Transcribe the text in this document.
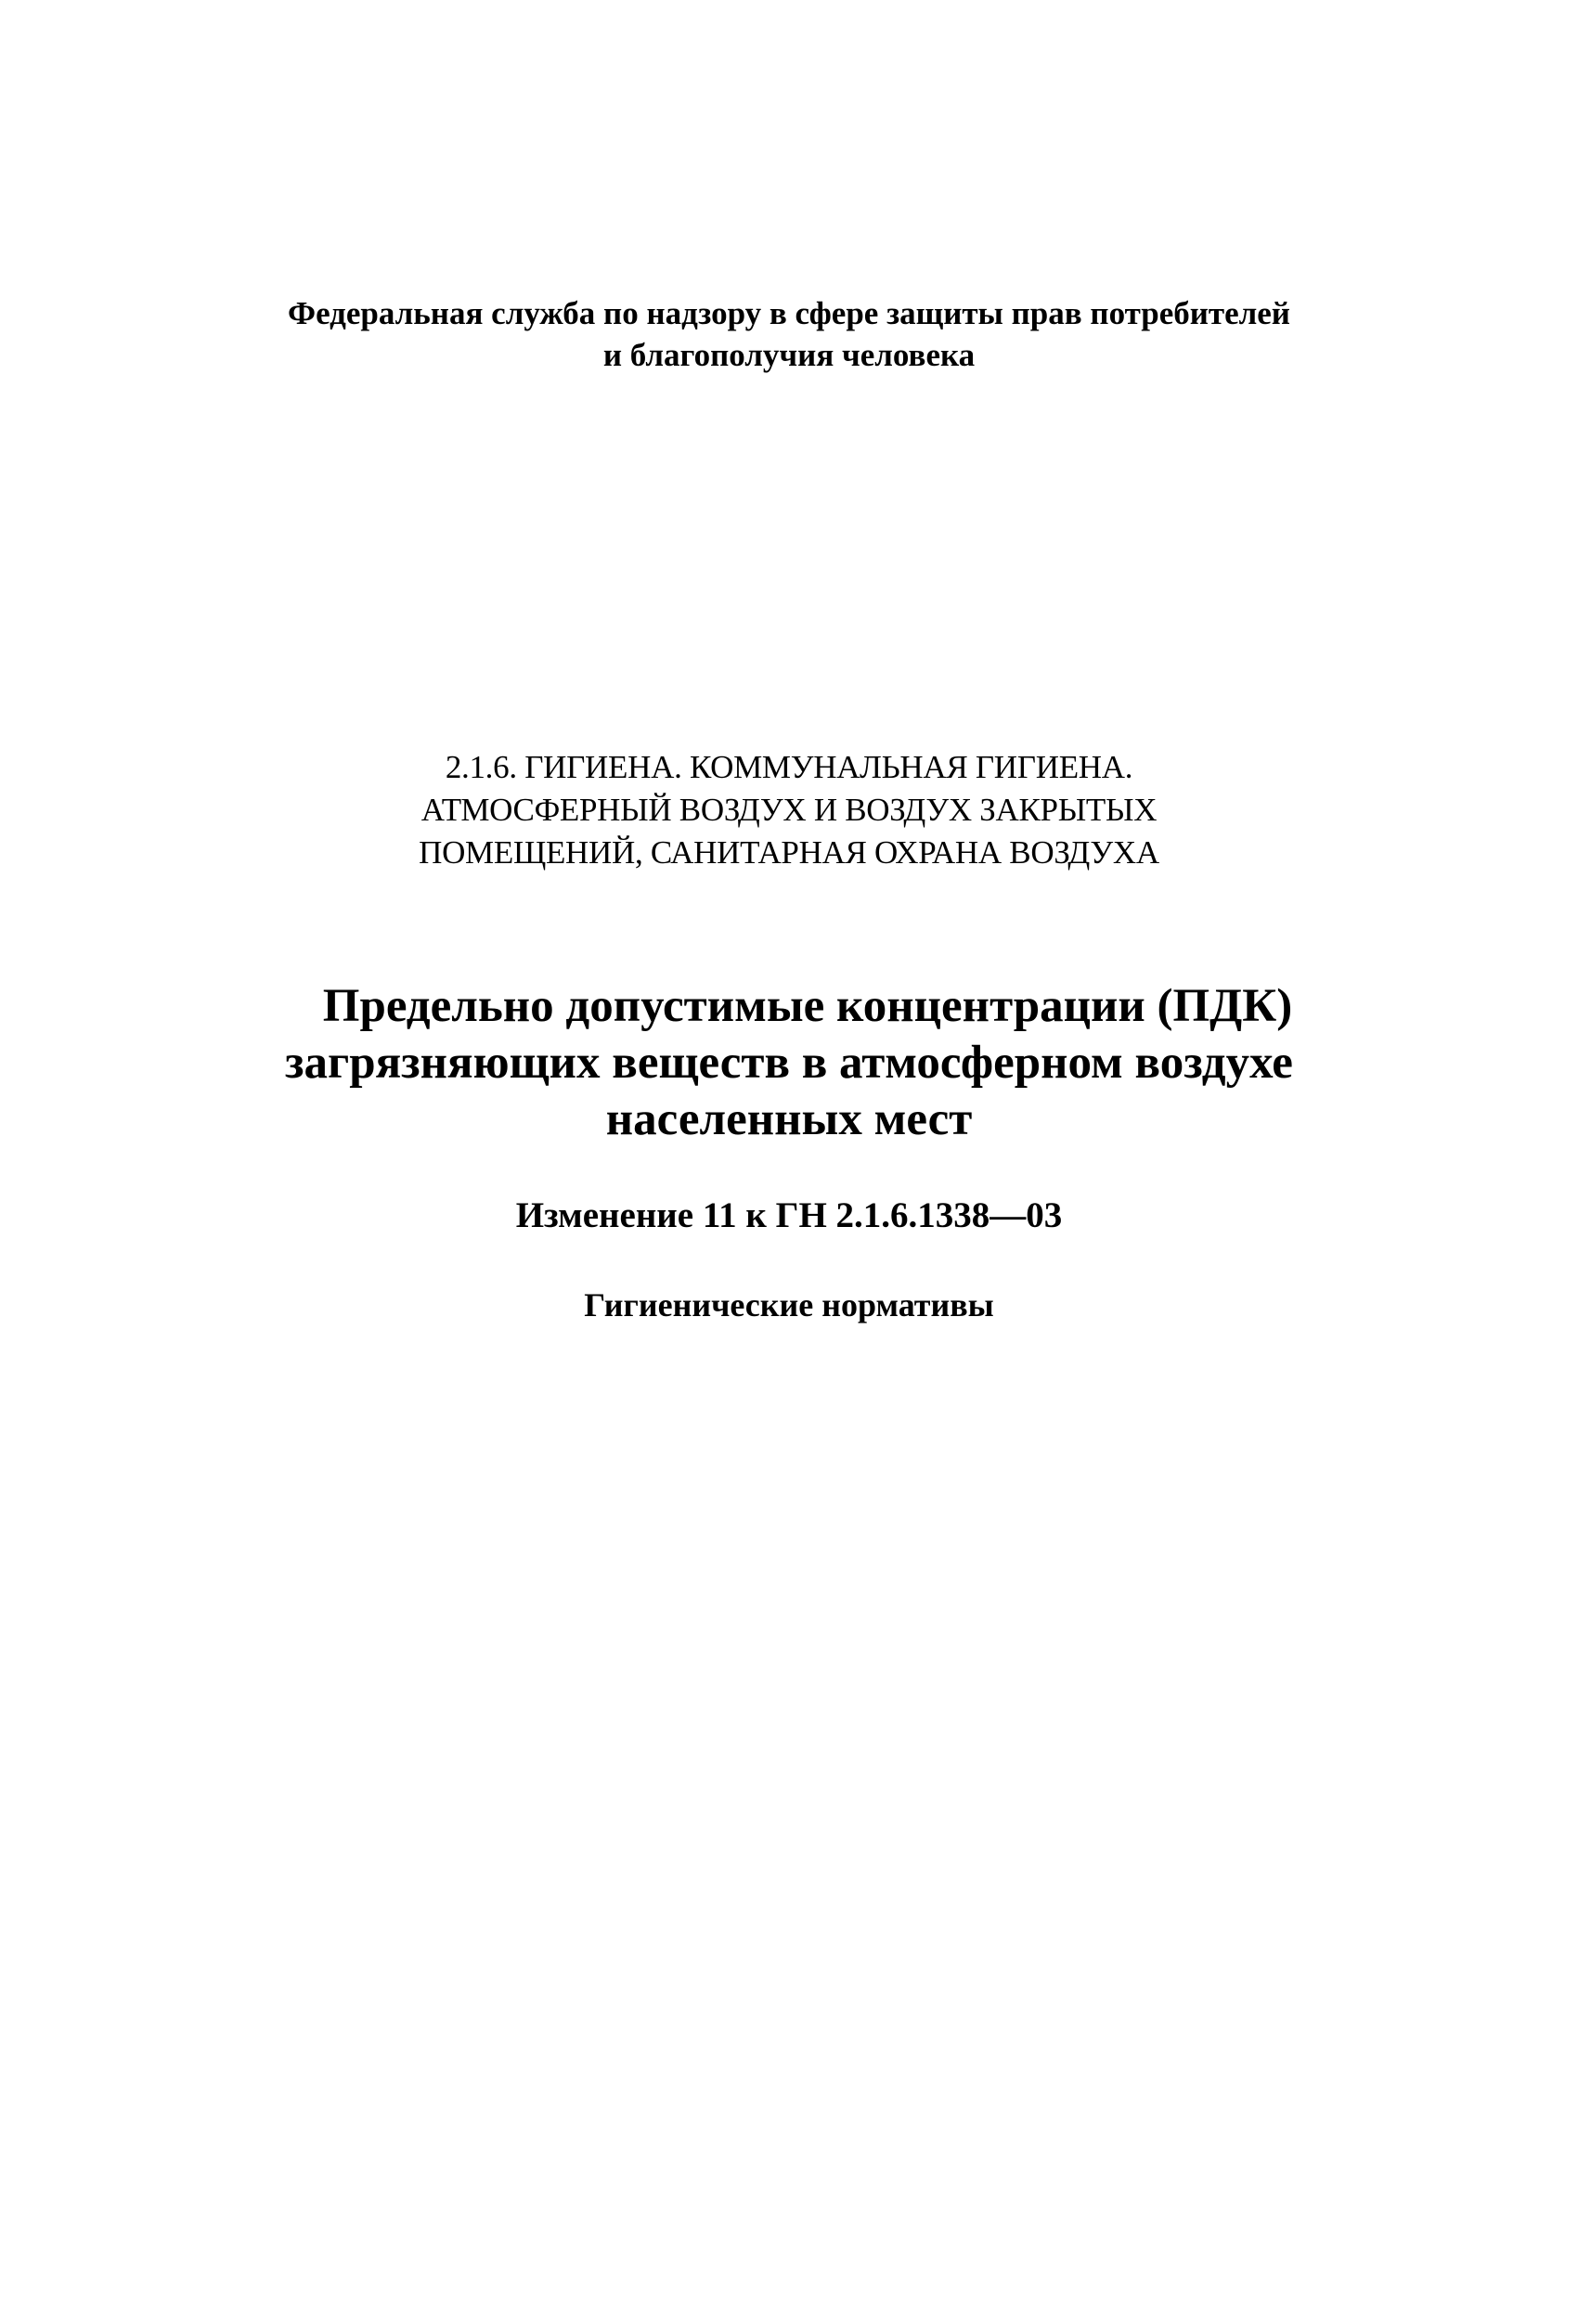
Федеральная служба по надзору в сфере защиты прав потребителей
и благополучия человека
2.1.6. ГИГИЕНА. КОММУНАЛЬНАЯ ГИГИЕНА.
АТМОСФЕРНЫЙ ВОЗДУХ И ВОЗДУХ ЗАКРЫТЫХ
ПОМЕЩЕНИЙ, САНИТАРНАЯ ОХРАНА ВОЗДУХА
Предельно допустимые концентрации (ПДК)
загрязняющих веществ в атмосферном воздухе
населенных мест
Изменение 11 к ГН 2.1.6.1338—03
Гигиенические нормативы
